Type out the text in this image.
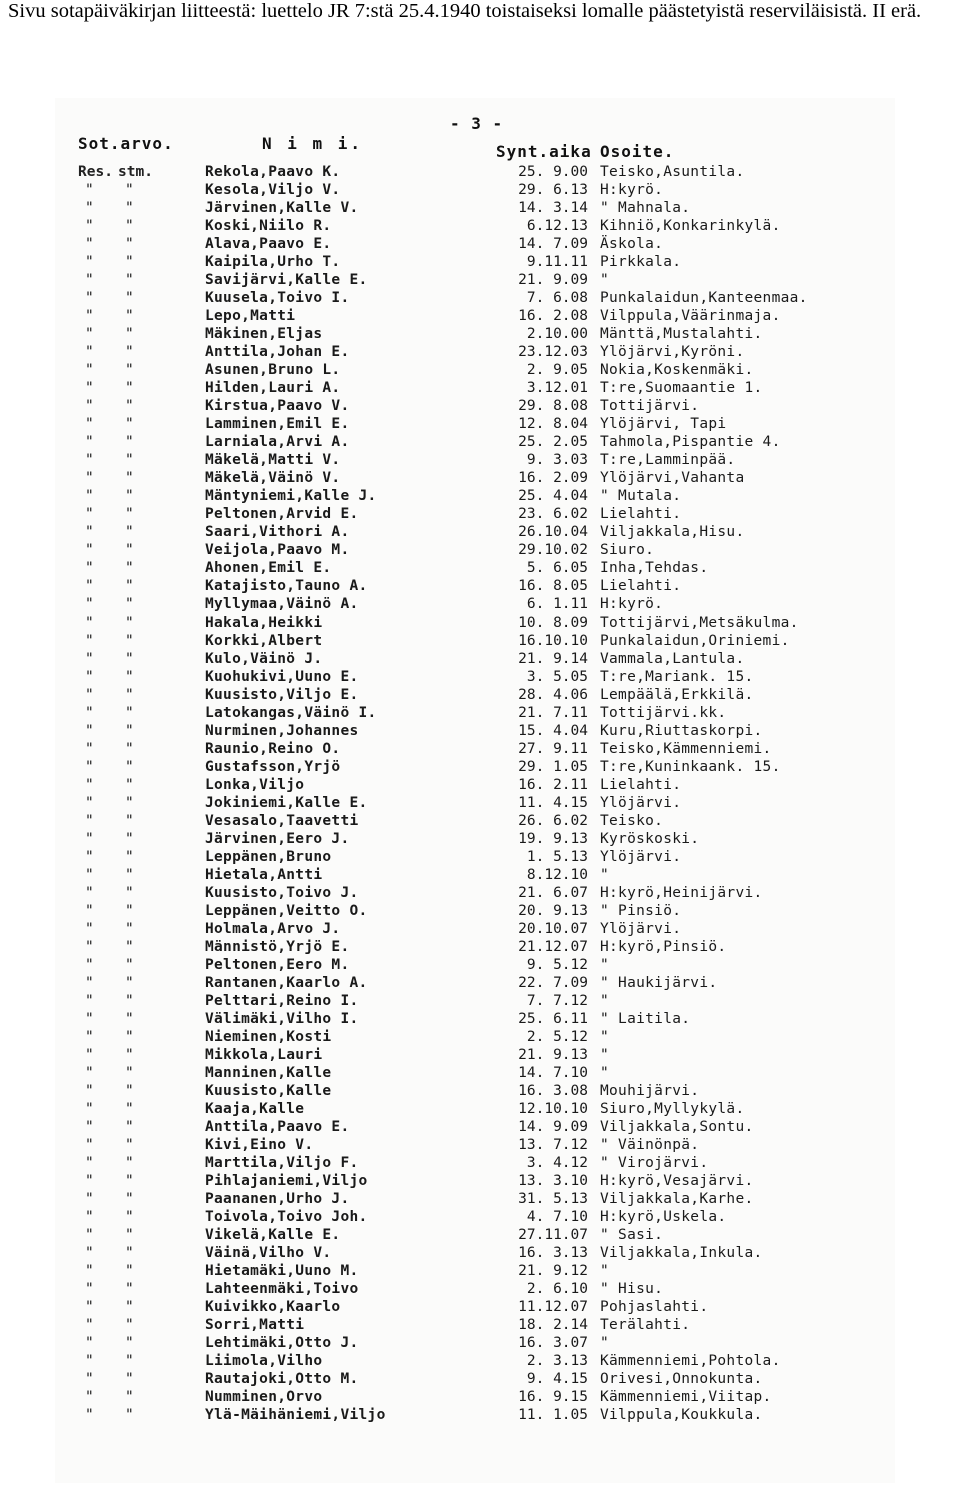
Sivu sotapäiväkirjan liitteestä: luettelo JR 7:stä 25.4.1940 toistaiseksi lomalle päästetyistä reserviläisistä. II erä.
- 3 -
Sot.arvo.	N i m i.	Synt.aika Osoite.
Res. stm.	Rekola,Paavo K.	25. 9.00 Teisko,Asuntila.
"	"	Kesola,Viljo V.	29. 6.13 H:kyrö.
"	"	Järvinen,Kalle V.	14. 3.14 " Mahnala.
"	"	Koski,Niilo R.	6.12.13 Kihniö,Konkarinkylä.
"	"	Alava,Paavo E.	14. 7.09 Äskola.
"	"	Kaipila,Urho T.	9.11.11 Pirkkala.
"	"	Savijärvi,Kalle E.	21. 9.09 "
"	"	Kuusela,Toivo I.	7. 6.08 Punkalaidun,Kanteenmaa.
"	"	Lepo,Matti	16. 2.08 Vilppula,Väärinmaja.
"	"	Mäkinen,Eljas	2.10.00 Mänttä,Mustalahti.
"	"	Anttila,Johan E.	23.12.03 Ylöjärvi,Kyröni.
"	"	Asunen,Bruno L.	2. 9.05 Nokia,Koskenmäki.
"	"	Hilden,Lauri A.	3.12.01 T:re,Suomaantie 1.
"	"	Kirstua,Paavo V.	29. 8.08 Tottijärvi.
"	"	Lamminen,Emil E.	12. 8.04 Ylöjärvi, Tapi
"	"	Larniala,Arvi A.	25. 2.05 Tahmola,Pispantie 4.
"	"	Mäkelä,Matti V.	9. 3.03 T:re,Lamminpää.
"	"	Mäkelä,Väinö V.	16. 2.09 Ylöjärvi,Vahanta
"	"	Mäntyniemi,Kalle J.	25. 4.04 " Mutala.
"	"	Peltonen,Arvid E.	23. 6.02 Lielahti.
"	"	Saari,Vithori A.	26.10.04 Viljakkala,Hisu.
"	"	Veijola,Paavo M.	29.10.02 Siuro.
"	"	Ahonen,Emil E.	5. 6.05 Inha,Tehdas.
"	"	Katajisto,Tauno A.	16. 8.05 Lielahti.
"	"	Myllymaa,Väinö A.	6. 1.11 H:kyrö.
"	"	Hakala,Heikki	10. 8.09 Tottijärvi,Metsäkulma.
"	"	Korkki,Albert	16.10.10 Punkalaidun,Oriniemi.
"	"	Kulo,Väinö J.	21. 9.14 Vammala,Lantula.
"	"	Kuohukivi,Uuno E.	3. 5.05 T:re,Mariank. 15.
"	"	Kuusisto,Viljo E.	28. 4.06 Lempäälä,Erkkilä.
"	"	Latokangas,Väinö I.	21. 7.11 Tottijärvi.kk.
"	"	Nurminen,Johannes	15. 4.04 Kuru,Riuttaskorpi.
"	"	Raunio,Reino O.	27. 9.11 Teisko,Kämmenniemi.
"	"	Gustafsson,Yrjö	29. 1.05 T:re,Kuninkaank. 15.
"	"	Lonka,Viljo	16. 2.11 Lielahti.
"	"	Jokiniemi,Kalle E.	11. 4.15 Ylöjärvi.
"	"	Vesasalo,Taavetti	26. 6.02 Teisko.
"	"	Järvinen,Eero J.	19. 9.13 Kyröskoski.
"	"	Leppänen,Bruno	1. 5.13 Ylöjärvi.
"	"	Hietala,Antti	8.12.10 "
"	"	Kuusisto,Toivo J.	21. 6.07 H:kyrö,Heinijärvi.
"	"	Leppänen,Veitto O.	20. 9.13 " Pinsiö.
"	"	Holmala,Arvo J.	20.10.07 Ylöjärvi.
"	"	Männistö,Yrjö E.	21.12.07 H:kyrö,Pinsiö.
"	"	Peltonen,Eero M.	9. 5.12 "
"	"	Rantanen,Kaarlo A.	22. 7.09 " Haukijärvi.
"	"	Pelttari,Reino I.	7. 7.12 "
"	"	Välimäki,Vilho I.	25. 6.11 " Laitila.
"	"	Nieminen,Kosti	2. 5.12 "
"	"	Mikkola,Lauri	21. 9.13 "
"	"	Manninen,Kalle	14. 7.10 "
"	"	Kuusisto,Kalle	16. 3.08 Mouhijärvi.
"	"	Kaaja,Kalle	12.10.10 Siuro,Myllykylä.
"	"	Anttila,Paavo E.	14. 9.09 Viljakkala,Sontu.
"	"	Kivi,Eino V.	13. 7.12 " Väinönpä.
"	"	Marttila,Viljo F.	3. 4.12 " Virojärvi.
"	"	Pihlajaniemi,Viljo	13. 3.10 H:kyrö,Vesajärvi.
"	"	Paananen,Urho J.	31. 5.13 Viljakkala,Karhe.
"	"	Toivola,Toivo Joh.	4. 7.10 H:kyrö,Uskela.
"	"	Vikelä,Kalle E.	27.11.07 " Sasi.
"	"	Väinä,Vilho V.	16. 3.13 Viljakkala,Inkula.
"	"	Hietamäki,Uuno M.	21. 9.12 "
"	"	Lahteenmäki,Toivo	2. 6.10 " Hisu.
"	"	Kuivikko,Kaarlo	11.12.07 Pohjaslahti.
"	"	Sorri,Matti	18. 2.14 Terälahti.
"	"	Lehtimäki,Otto J.	16. 3.07 "
"	"	Liimola,Vilho	2. 3.13 Kämmenniemi,Pohtola.
"	"	Rautajoki,Otto M.	9. 4.15 Orivesi,Onnokunta.
"	"	Numminen,Orvo	16. 9.15 Kämmenniemi,Viitap.
"	"	Ylä-Mäihäniemi,Viljo	11. 1.05 Vilppula,Koukkula.
